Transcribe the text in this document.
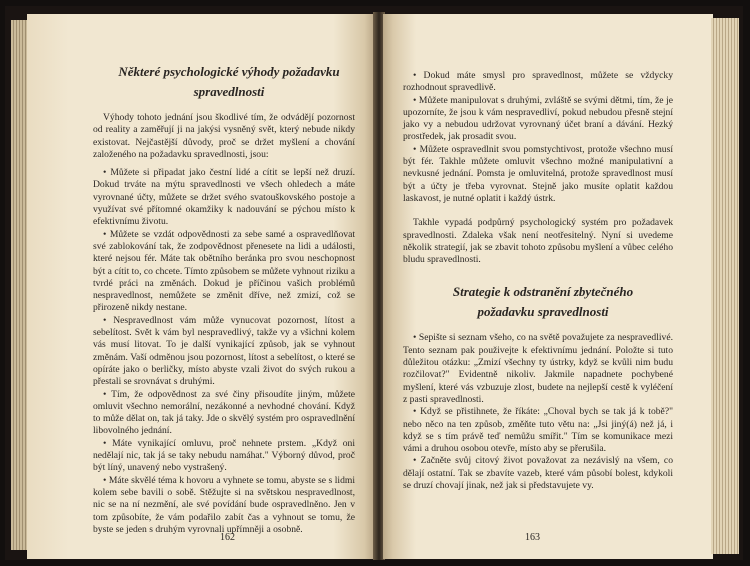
Některé psychologické výhody požadavku

spravedlnosti

Výhody tohoto jednání jsou škodlivé tím, že odvádějí pozornost od reality a zaměřují ji na jakýsi vysněný svět, který nebude nikdy existovat. Nejčastější důvody, proč se držet myšlení a chování založeného na požadavku spravedlnosti, jsou:

• Můžete si připadat jako čestní lidé a cítit se lepší než druzí. Dokud trváte na mýtu spravedlnosti ve všech ohledech a máte vyrovnané účty, můžete se držet svého svatouškovského postoje a využívat své přítomné okamžiky k nadouvání se pýchou místo k efektivnímu životu.

• Můžete se vzdát odpovědnosti za sebe samé a ospravedlňovat své zablokování tak, že zodpovědnost přenesete na lidi a události, které nejsou fér. Máte tak obětního beránka pro svou neschopnost být a cítit to, co chcete. Tímto způsobem se můžete vyhnout riziku a tvrdé práci na změnách. Dokud je příčinou vašich problémů nespravedlnost, nemůžete se změnit dříve, než zmizí, což se přirozeně nikdy nestane.

• Nespravedlnost vám může vynucovat pozornost, lítost a sebelítost. Svět k vám byl nespravedlivý, takže vy a všichni kolem vás musí litovat. To je další vynikající způsob, jak se vyhnout změnám. Vaší odměnou jsou pozornost, lítost a sebelítost, o které se opíráte jako o berličky, místo abyste vzali život do svých rukou a přestali se srovnávat s druhými.

• Tím, že odpovědnost za své činy přisoudíte jiným, můžete omluvit všechno nemorální, nezákonné a nevhodné chování. Když to může dělat on, tak já taky. Jde o skvělý systém pro ospravedlnění libovolného jednání.

• Máte vynikající omluvu, proč nehnete prstem. „Když oni nedělají nic, tak já se taky nebudu namáhat." Výborný důvod, proč být líný, unavený nebo vystrašený.

• Máte skvělé téma k hovoru a vyhnete se tomu, abyste se s lidmi kolem sebe bavili o sobě. Stěžujte si na světskou nespravedlnost, nic se na ní nezmění, ale své povídání bude ospravedlněno. Jen v tom způsobíte, že vám podařilo zabít čas a vyhnout se tomu, že byste se jeden s druhým vyrovnali upřímněji a osobně.

162

• Dokud máte smysl pro spravedlnost, můžete se vždycky rozhodnout spravedlivě.

• Můžete manipulovat s druhými, zvláště se svými dětmi, tím, že je upozorníte, že jsou k vám nespravedliví, pokud nebudou přesně stejní jako vy a nebudou udržovat vyrovnaný účet braní a dávání. Hezký prostředek, jak prosadit svou.

• Můžete ospravedlnit svou pomstychtivost, protože všechno musí být fér. Takhle můžete omluvit všechno možné manipulativní a nevkusné jednání. Pomsta je omluvitelná, protože spravedlnost musí být a účty je třeba vyrovnat. Stejně jako musíte oplatit každou laskavost, je nutné oplatit i každý ústrk.

Takhle vypadá podpůrný psychologický systém pro požadavek spravedlnosti. Zdaleka však není neotřesitelný. Nyní si uvedeme několik strategií, jak se zbavit tohoto způsobu myšlení a vůbec celého bludu spravedlnosti.

Strategie k odstranění zbytečného

požadavku spravedlnosti

• Sepište si seznam všeho, co na světě považujete za nespravedlivé. Tento seznam pak použivejte k efektivnímu jednání. Položte si tuto důležitou otázku: „Zmizí všechny ty ústrky, když se kvůli nim budu rozčilovat?" Evidentně nikoliv. Jakmile napadnete pochybené myšlení, které vás vzbuzuje zlost, budete na nejlepší cestě k vyléčení z pasti spravedlnosti.

• Když se přistihnete, že říkáte: „Choval bych se tak já k tobě?" nebo něco na ten způsob, změňte tuto větu na: „Jsi jiný(á) než já, i když se s tím právě teď nemůžu smířit." Tím se komunikace mezi vámi a druhou osobou otevře, místo aby se přerušila.

• Začněte svůj citový život považovat za nezávislý na všem, co dělají ostatní. Tak se zbavíte vazeb, které vám působí bolest, kdykoli se druzí chovají jinak, než jak si představujete vy.

163
